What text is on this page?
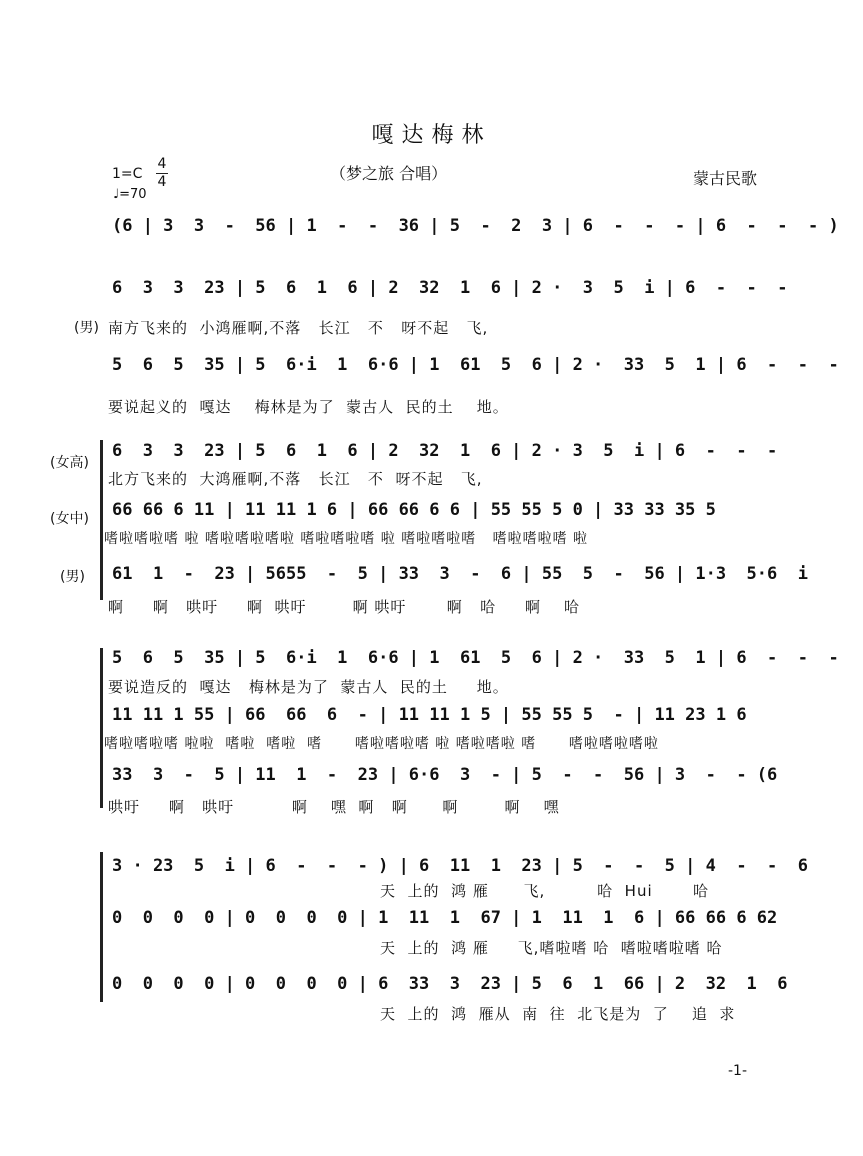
嘎达梅林
（梦之旅 合唱）	蒙古民歌
1=C
4
4
♩=70
(6 | 3  3  -  56 | 1  -  -  36 | 5  -  2  3 | 6  -  -  - | 6  -  -  - )
6  3  3  23 | 5  6  1  6 | 2  32  1  6 | 2 ·  3  5  i | 6  -  -  -
(男) 南方飞来的  小鸿雁啊,不落   长江   不   呀不起   飞,
5  6  5  35 | 5  6·i  1  6·6 | 1  61  5  6 | 2 ·  33  5  1 | 6  -  -  -
要说起义的  嘎达    梅林是为了  蒙古人  民的土    地。
(女高)
(女中)
(男)
6  3  3  23 | 5  6  1  6 | 2  32  1  6 | 2 · 3  5  i | 6  -  -  -
北方飞来的  大鸿雁啊,不落   长江   不  呀不起   飞,
66 66 6 11 | 11 11 1 6 | 66 66 6 6 | 55 55 5 0 | 33 33 35 5
嗜啦嗜啦嗜 啦 嗜啦嗜啦嗜啦 嗜啦嗜啦嗜 啦 嗜啦嗜啦嗜   嗜啦嗜啦嗜 啦
61  1  -  23 | 5655  -  5 | 33  3  -  6 | 55  5  -  56 | 1·3  5·6  i
啊     啊   哄吁     啊  哄吁        啊 哄吁       啊   哈     啊    哈
5  6  5  35 | 5  6·i  1  6·6 | 1  61  5  6 | 2 ·  33  5  1 | 6  -  -  -
要说造反的  嘎达   梅林是为了  蒙古人  民的土     地。
11 11 1 55 | 66  66  6  - | 11 11 1 5 | 55 55 5  - | 11 23 1 6
嗜啦嗜啦嗜 啦啦  嗜啦  嗜啦  嗜      嗜啦嗜啦嗜 啦 嗜啦嗜啦 嗜      嗜啦嗜啦嗜啦
33  3  -  5 | 11  1  -  23 | 6·6  3  - | 5  -  -  56 | 3  -  - (6
哄吁     啊   哄吁          啊    嘿  啊   啊      啊        啊    嘿
3 · 23  5  i | 6  -  -  - ) | 6  11  1  23 | 5  -  -  5 | 4  -  -  6
天  上的  鸿 雁      飞,         哈  Hui       哈
0  0  0  0 | 0  0  0  0 | 1  11  1  67 | 1  11  1  6 | 66 66 6 62
天  上的  鸿 雁     飞,嗜啦嗜 哈  嗜啦嗜啦嗜 哈
0  0  0  0 | 0  0  0  0 | 6  33  3  23 | 5  6  1  66 | 2  32  1  6
天  上的  鸿  雁从  南  往  北飞是为  了    追  求
-1-
